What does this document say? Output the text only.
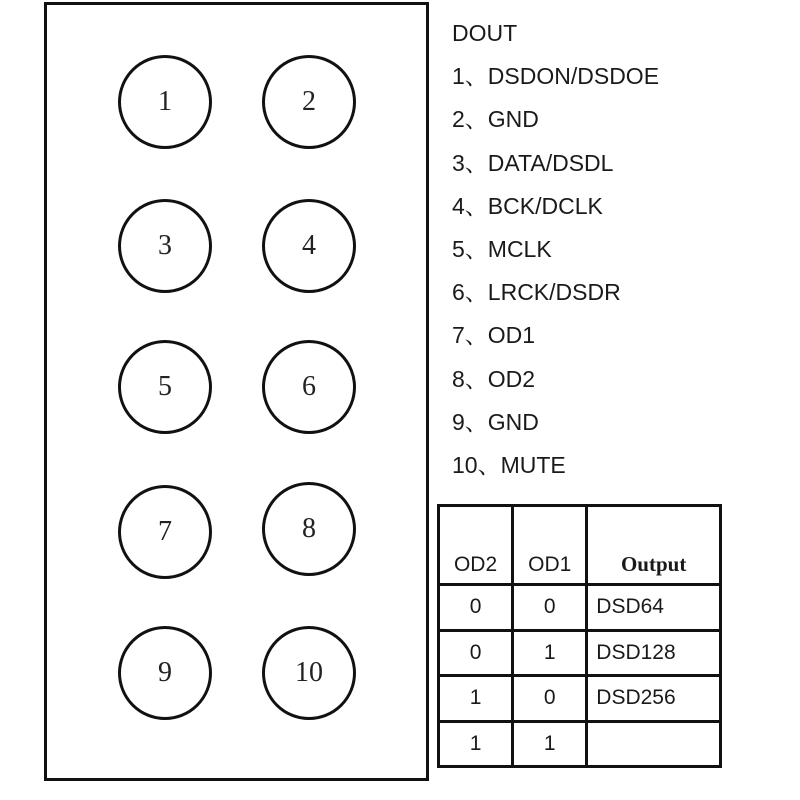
1	2
3	4
5	6
7	8
9	10
DOUT
1、DSDON/DSDOE
2、GND
3、DATA/DSDL
4、BCK/DCLK
5、MCLK
6、LRCK/DSDR
7、OD1
8、OD2
9、GND
10、MUTE
OD2	OD1	Output
0	0	DSD64
0	1	DSD128
1	0	DSD256
1	1	
